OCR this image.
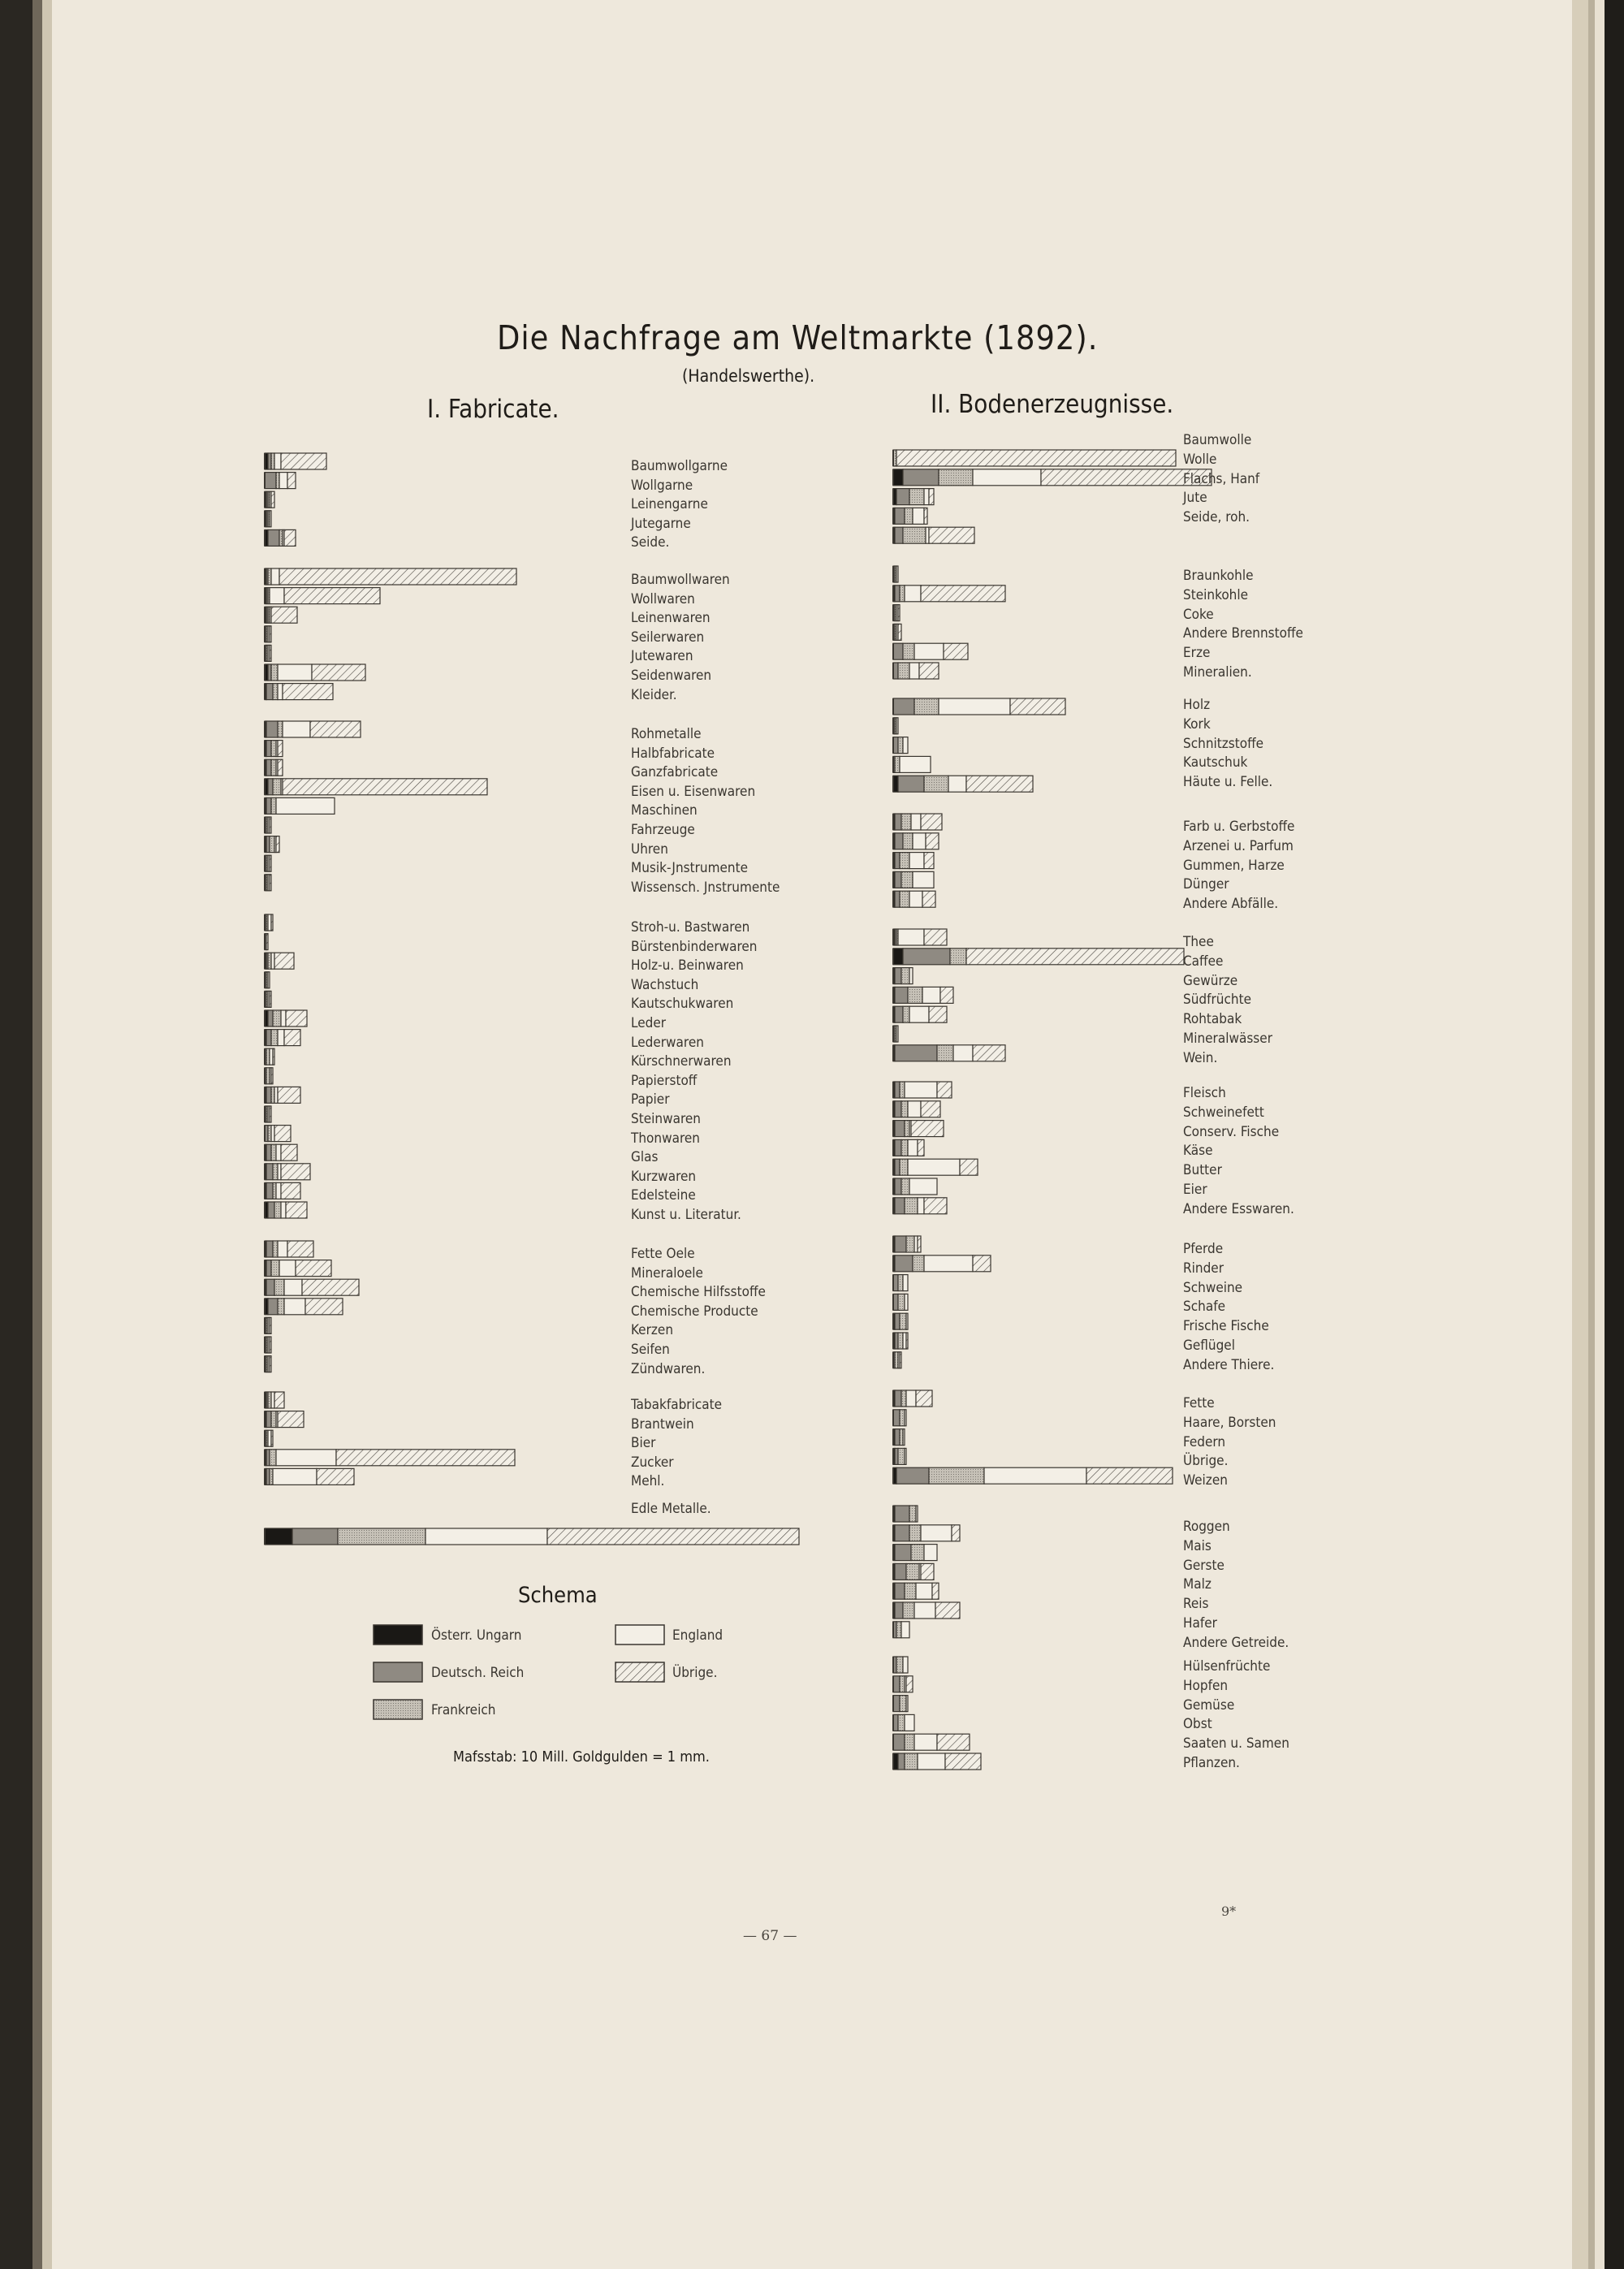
Die Nachfrage am Weltmarkte (1892).
(Handelswerthe).
I. Fabricate.	II. Bodenerzeugnisse.
Baumwollgarne
Wollgarne
Leinengarne
Jutegarne
Seide.
Baumwollwaren
Wollwaren
Leinenwaren
Seilerwaren
Jutewaren
Seidenwaren
Kleider.
Rohmetalle
Halbfabricate
Ganzfabricate
Eisen u. Eisenwaren
Maschinen
Fahrzeuge
Uhren
Musik-Jnstrumente
Wissensch. Jnstrumente
Stroh-u. Bastwaren
Bürstenbinderwaren
Holz-u. Beinwaren
Wachstuch
Kautschukwaren
Leder
Lederwaren
Kürschnerwaren
Papierstoff
Papier
Steinwaren
Thonwaren
Glas
Kurzwaren
Edelsteine
Kunst u. Literatur.
Fette Oele
Mineraloele
Chemische Hilfsstoffe
Chemische Producte
Kerzen
Seifen
Zündwaren.
Tabakfabricate
Brantwein
Bier
Zucker
Mehl.
Edle Metalle.
Baumwolle
Wolle
Flachs, Hanf
Jute
Seide, roh.
Braunkohle
Steinkohle
Coke
Andere Brennstoffe
Erze
Mineralien.
Holz
Kork
Schnitzstoffe
Kautschuk
Häute u. Felle.
Farb u. Gerbstoffe
Arzenei u. Parfum
Gummen, Harze
Dünger
Andere Abfälle.
Thee
Caffee
Gewürze
Südfrüchte
Rohtabak
Mineralwässer
Wein.
Fleisch
Schweinefett
Conserv. Fische
Käse
Butter
Eier
Andere Esswaren.
Pferde
Rinder
Schweine
Schafe
Frische Fische
Geflügel
Andere Thiere.
Fette
Haare, Borsten
Federn
Übrige.
Weizen
Roggen
Mais
Gerste
Malz
Reis
Hafer
Andere Getreide.
Hülsenfrüchte
Hopfen
Gemüse
Obst
Saaten u. Samen
Pflanzen.
Schema
Österr. Ungarn
Deutsch. Reich
Frankreich
England
Übrige.
Mafsstab: 10 Mill. Goldgulden = 1 mm.
— 67 —
9*
